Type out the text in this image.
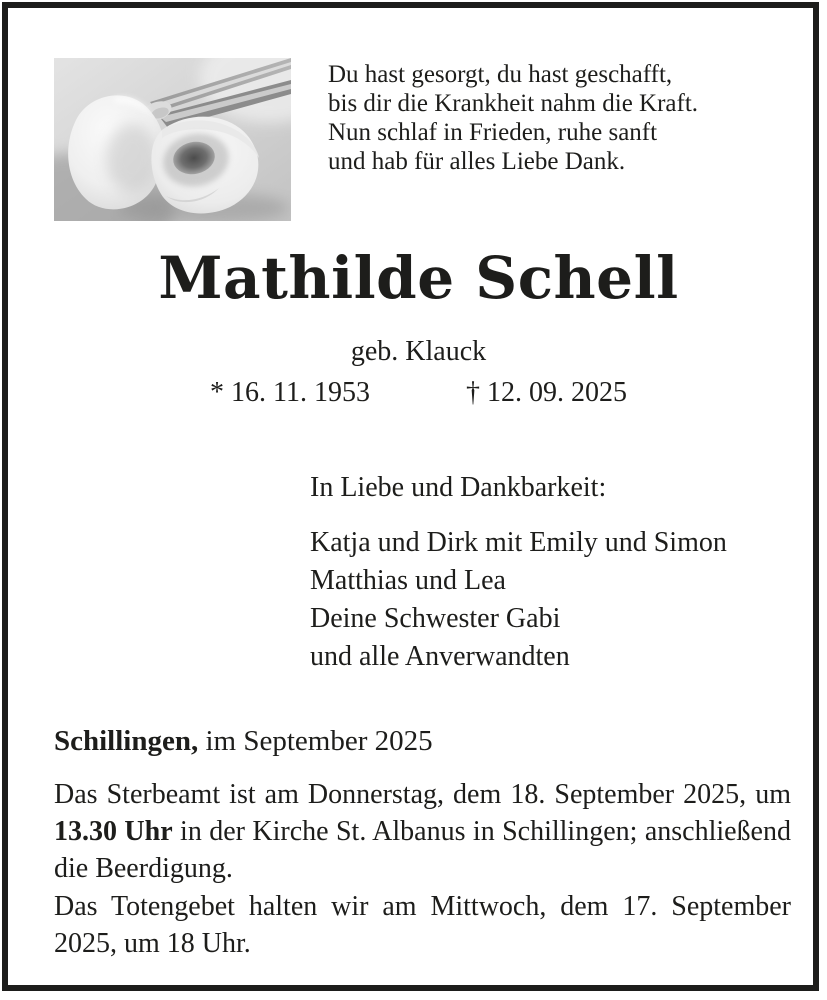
Du hast gesorgt, du hast geschafft,
bis dir die Krankheit nahm die Kraft.
Nun schlaf in Frieden, ruhe sanft
und hab für alles Liebe Dank.
Mathilde Schell
geb. Klauck
* 16. 11. 1953	† 12. 09. 2025
In Liebe und Dankbarkeit:
Katja und Dirk mit Emily und Simon
Matthias und Lea
Deine Schwester Gabi
und alle Anverwandten
Schillingen, im September 2025
Das Sterbeamt ist am Donnerstag, dem 18. September 2025, um 13.30 Uhr in der Kirche St. Albanus in Schillingen; anschließend die Beerdigung.
Das Totengebet halten wir am Mittwoch, dem 17. September 2025, um 18 Uhr.
